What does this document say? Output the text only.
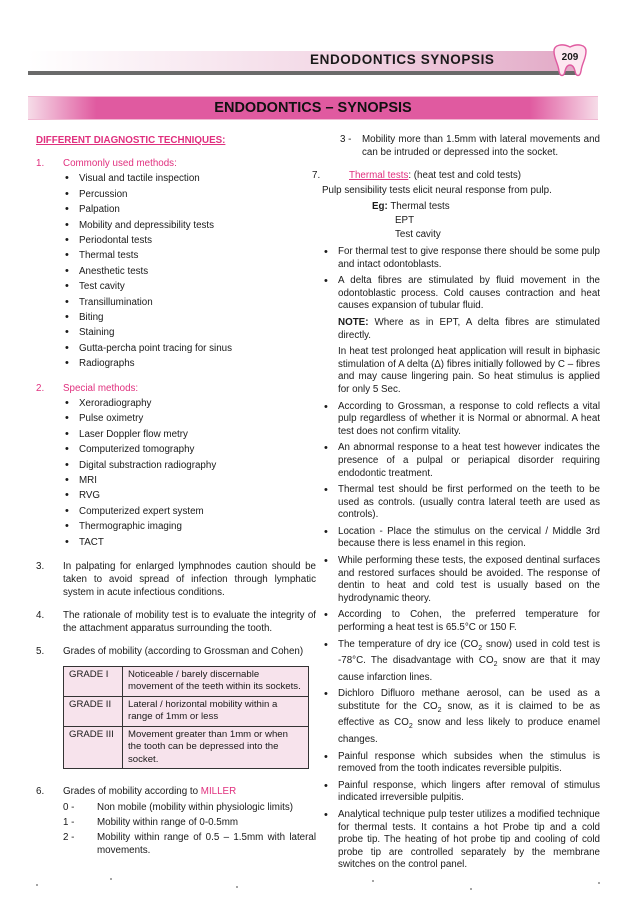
ENDODONTICS SYNOPSIS	209
ENDODONTICS – SYNOPSIS
DIFFERENT DIAGNOSTIC TECHNIQUES:
1.	Commonly used methods:
• Visual and tactile inspection
• Percussion
• Palpation
• Mobility and depressibility tests
• Periodontal tests
• Thermal tests
• Anesthetic tests
• Test cavity
• Transillumination
• Biting
• Staining
• Gutta-percha point tracing for sinus
• Radiographs
2.	Special methods:
• Xeroradiography
• Pulse oximetry
• Laser Doppler flow metry
• Computerized tomography
• Digital substraction radiography
• MRI
• RVG
• Computerized expert system
• Thermographic imaging
• TACT
3.	In palpating for enlarged lymphnodes caution should be taken to avoid spread of infection through lymphatic system in acute infectious conditions.
4.	The rationale of mobility test is to evaluate the integrity of the attachment apparatus surrounding the tooth.
5.	Grades of mobility (according to Grossman and Cohen)
GRADE I	Noticeable / barely discernable movement of the teeth within its sockets.
GRADE II	Lateral / horizontal mobility within a range of 1mm or less
GRADE III	Movement greater than 1mm or when the tooth can be depressed into the socket.
6.	Grades of mobility according to MILLER
0 -	Non mobile (mobility within physiologic limits)
1 -	Mobility within range of 0-0.5mm
2 -	Mobility within range of 0.5 – 1.5mm with lateral movements.
3 -	Mobility more than 1.5mm with lateral movements and can be intruded or depressed into the socket.
7.	Thermal tests: (heat test and cold tests)
Pulp sensibility tests elicit neural response from pulp.
Eg: Thermal tests
EPT
Test cavity
• For thermal test to give response there should be some pulp and intact odontoblasts.
• A delta fibres are stimulated by fluid movement in the odontoblastic process. Cold causes contraction and heat causes expansion of tubular fluid.

NOTE: Where as in EPT, A delta fibres are stimulated directly.

In heat test prolonged heat application will result in biphasic stimulation of A delta (Δ) fibres initially followed by C – fibres and may cause lingering pain. So heat stimulus is applied for only 5 Sec.

• According to Grossman, a response to cold reflects a vital pulp regardless of whether it is Normal or abnormal. A heat test does not confirm vitality.
• An abnormal response to a heat test however indicates the presence of a pulpal or periapical disorder requiring endodontic treatment.
• Thermal test should be first performed on the teeth to be used as controls. (usually contra lateral teeth are used as controls).
• Location - Place the stimulus on the cervical / Middle 3rd because there is less enamel in this region.
• While performing these tests, the exposed dentinal surfaces and restored surfaces should be avoided. The response of dentin to heat and cold test is usually based on the hydrodynamic theory.
• According to Cohen, the preferred temperature for performing a heat test is 65.5°C or 150 F.
• The temperature of dry ice ($CO_2$ snow) used in cold test is -78°C. The disadvantage with $CO_2$ snow are that it may cause infarction lines.
• Dichloro Difluoro methane aerosol, can be used as a substitute for the $CO_2$ snow, as it is claimed to be as effective as $CO_2$ snow and less likely to produce enamel changes.
• Painful response which subsides when the stimulus is removed from the tooth indicates reversible pulpitis.
• Painful response, which lingers after removal of stimulus indicated irreversible pulpitis.
• Analytical technique pulp tester utilizes a modified technique for thermal tests. It contains a hot Probe tip and a cold probe tip. The heating of hot probe tip and cooling of cold probe tip are controlled separately by the membrane switches on the control panel.
